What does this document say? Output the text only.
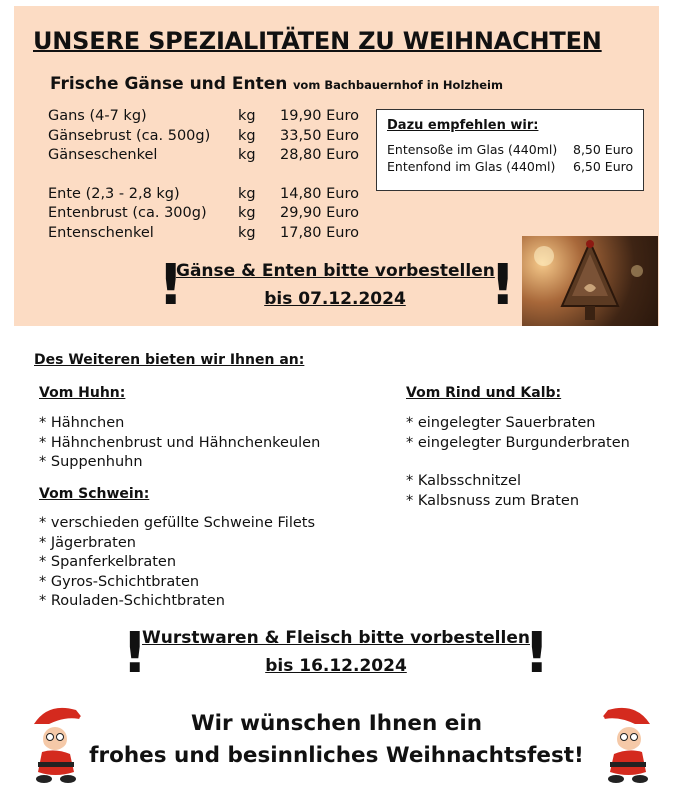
UNSERE SPEZIALITÄTEN ZU WEIHNACHTEN
Frische Gänse und Enten vom Bachbauernhof in Holzheim
Gans (4-7 kg)	kg	19,90 Euro
Gänsebrust (ca. 500g)	kg	33,50 Euro
Gänseschenkel	kg	28,80 Euro

Ente (2,3 - 2,8 kg)	kg	14,80 Euro
Entenbrust (ca. 300g)	kg	29,90 Euro
Entenschenkel	kg	17,80 Euro
Dazu empfehlen wir:
Entensoße im Glas (440ml) 8,50 Euro
Entenfond im Glas (440ml) 6,50 Euro
!
Gänse & Enten bitte vorbestellen
bis 07.12.2024	!
Des Weiteren bieten wir Ihnen an:
Vom Huhn:
* Hähnchen
* Hähnchenbrust und Hähnchenkeulen
* Suppenhuhn
Vom Schwein:
* verschieden gefüllte Schweine Filets
* Jägerbraten
* Spanferkelbraten
* Gyros-Schichtbraten
* Rouladen-Schichtbraten
Vom Rind und Kalb:
* eingelegter Sauerbraten
* eingelegter Burgunderbraten
* Kalbsschnitzel
* Kalbsnuss zum Braten
!
Wurstwaren & Fleisch bitte vorbestellen
bis 16.12.2024	!
Wir wünschen Ihnen ein
frohes und besinnliches Weihnachtsfest!
